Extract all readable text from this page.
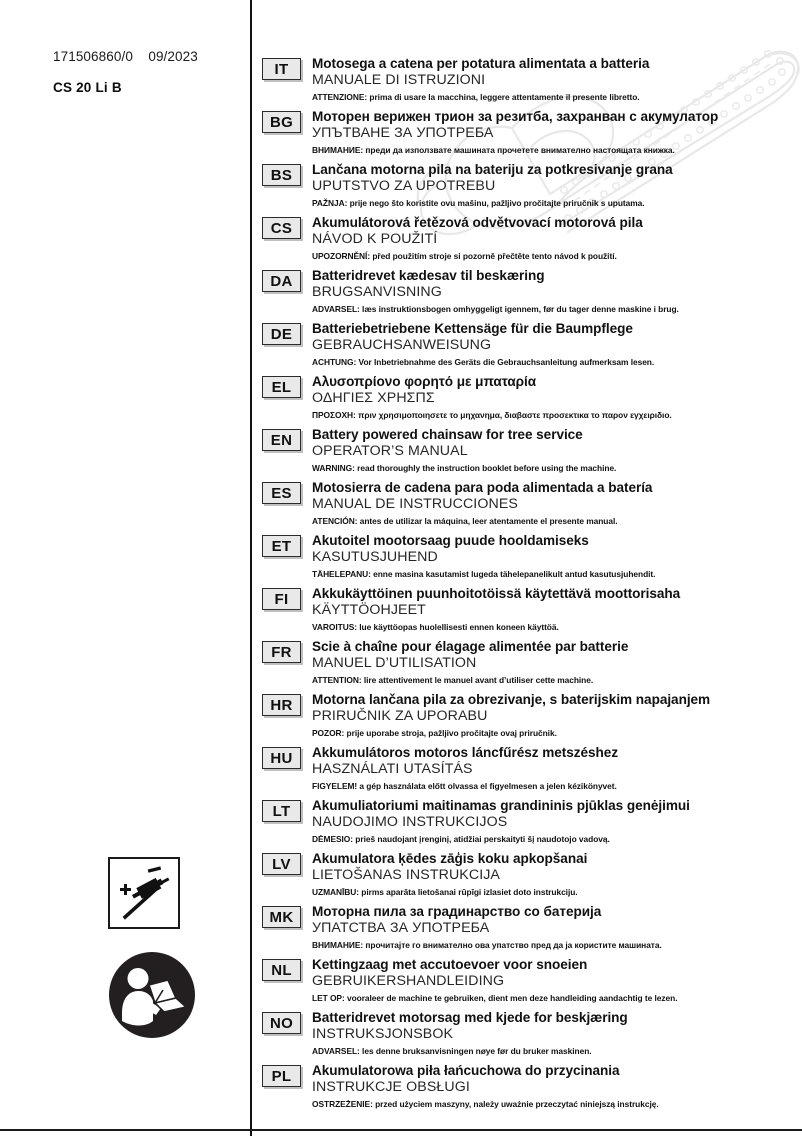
171506860/0    09/2023
CS 20 Li B
IT	Motosega a catena per potatura alimentata a batteria
MANUALE DI ISTRUZIONI
ATTENZIONE: prima di usare la macchina, leggere attentamente il presente libretto.
BG	Моторен верижен трион за резитба, захранван с акумулатор
УПЪТВАНЕ ЗА УПОТРЕБА
ВНИМАНИЕ: преди да използвате машината прочетете внимателно настоящата книжка.
BS	Lančana motorna pila na bateriju za potkresivanje grana
UPUTSTVO ZA UPOTREBU
PAŽNJA: prije nego što koristite ovu mašinu, pažljivo pročitajte priručnik s uputama.
CS	Akumulátorová řetězová odvětvovací motorová pila
NÁVOD K POUŽITÍ
UPOZORNĚNÍ: před použitím stroje si pozorně přečtěte tento návod k použití.
DA	Batteridrevet kædesav til beskæring
BRUGSANVISNING
ADVARSEL: læs instruktionsbogen omhyggeligt igennem, før du tager denne maskine i brug.
DE	Batteriebetriebene Kettensäge für die Baumpflege
GEBRAUCHSANWEISUNG
ACHTUNG: Vor Inbetriebnahme des Geräts die Gebrauchsanleitung aufmerksam lesen.
EL	Αλυσοπρίονο φορητό με μπαταρία
ΟΔΗΓΙΕΣ ΧΡΗΣΠΣ
ΠΡΟΣΟΧΗ: πριν χρησιμοποιησετε το μηχανημα, διαβαστε προσεκτικα το παρον εγχειριδιο.
EN	Battery powered chainsaw for tree service
OPERATOR’S MANUAL
WARNING: read thoroughly the instruction booklet before using the machine.
ES	Motosierra de cadena para poda alimentada a batería
MANUAL DE INSTRUCCIONES
ATENCIÓN: antes de utilizar la máquina, leer atentamente el presente manual.
ET	Akutoitel mootorsaag puude hooldamiseks
KASUTUSJUHEND
TÄHELEPANU: enne masina kasutamist lugeda tähelepanelikult antud kasutusjuhendit.
FI	Akkukäyttöinen puunhoitotöissä käytettävä moottorisaha
KÄYTTÖOHJEET
VAROITUS: lue käyttöopas huolellisesti ennen koneen käyttöä.
FR	Scie à chaîne pour élagage alimentée par batterie
MANUEL D’UTILISATION
ATTENTION: lire attentivement le manuel avant d’utiliser cette machine.
HR	Motorna lančana pila za obrezivanje, s baterijskim napajanjem
PRIRUČNIK ZA UPORABU
POZOR: prije uporabe stroja, pažljivo pročitajte ovaj priručnik.
HU	Akkumulátoros motoros láncfűrész metszéshez
HASZNÁLATI UTASÍTÁS
FIGYELEM! a gép használata előtt olvassa el figyelmesen a jelen kézikönyvet.
LT	Akumuliatoriumi maitinamas grandininis pjūklas genėjimui
NAUDOJIMO INSTRUKCIJOS
DĖMESIO: prieš naudojant įrenginį, atidžiai perskaityti šį naudotojo vadovą.
LV	Akumulatora ķēdes zāģis koku apkopšanai
LIETOŠANAS INSTRUKCIJA
UZMANĪBU: pirms aparāta lietošanai rūpīgi izlasiet doto instrukciju.
MK	Моторна пила за градинарство со батерија
УПАТСТВА ЗА УПОТРЕБА
ВНИМАНИЕ: прочитајте го внимателно ова упатство пред да ја користите машината.
NL	Kettingzaag met accutoevoer voor snoeien
GEBRUIKERSHANDLEIDING
LET OP: vooraleer de machine te gebruiken, dient men deze handleiding aandachtig te lezen.
NO	Batteridrevet motorsag med kjede for beskjæring
INSTRUKSJONSBOK
ADVARSEL: les denne bruksanvisningen nøye før du bruker maskinen.
PL	Akumulatorowa piła łańcuchowa do przycinania
INSTRUKCJE OBSŁUGI
OSTRZEŻENIE: przed użyciem maszyny, należy uważnie przeczytać niniejszą instrukcję.
